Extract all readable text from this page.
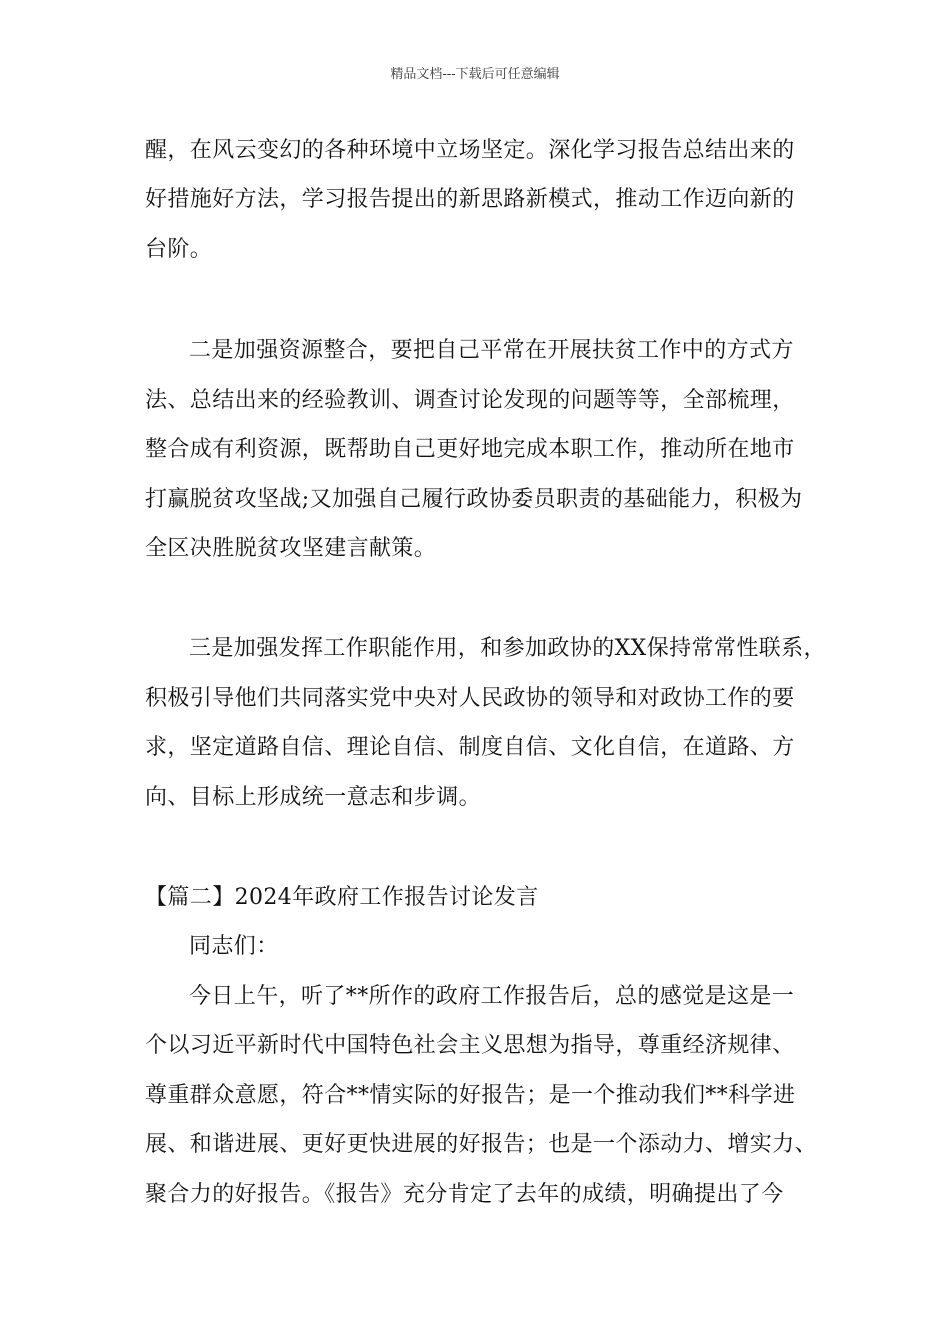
精品文档---下载后可任意编辑
醒，在风云变幻的各种环境中立场坚定。深化学习报告总结出来的
好措施好方法，学习报告提出的新思路新模式，推动工作迈向新的
台阶。
二是加强资源整合，要把自己平常在开展扶贫工作中的方式方
法、总结出来的经验教训、调查讨论发现的问题等等，全部梳理，
整合成有利资源，既帮助自己更好地完成本职工作，推动所在地市
打赢脱贫攻坚战;又加强自己履行政协委员职责的基础能力，积极为
全区决胜脱贫攻坚建言献策。
三是加强发挥工作职能作用，和参加政协的XX保持常常性联系，
积极引导他们共同落实党中央对人民政协的领导和对政协工作的要
求，坚定道路自信、理论自信、制度自信、文化自信，在道路、方
向、目标上形成统一意志和步调。
【篇二】2024年政府工作报告讨论发言
同志们：
今日上午，听了**所作的政府工作报告后，总的感觉是这是一
个以习近平新时代中国特色社会主义思想为指导，尊重经济规律、
尊重群众意愿，符合**情实际的好报告；是一个推动我们**科学进
展、和谐进展、更好更快进展的好报告；也是一个添动力、增实力、
聚合力的好报告。《报告》充分肯定了去年的成绩，明确提出了今
